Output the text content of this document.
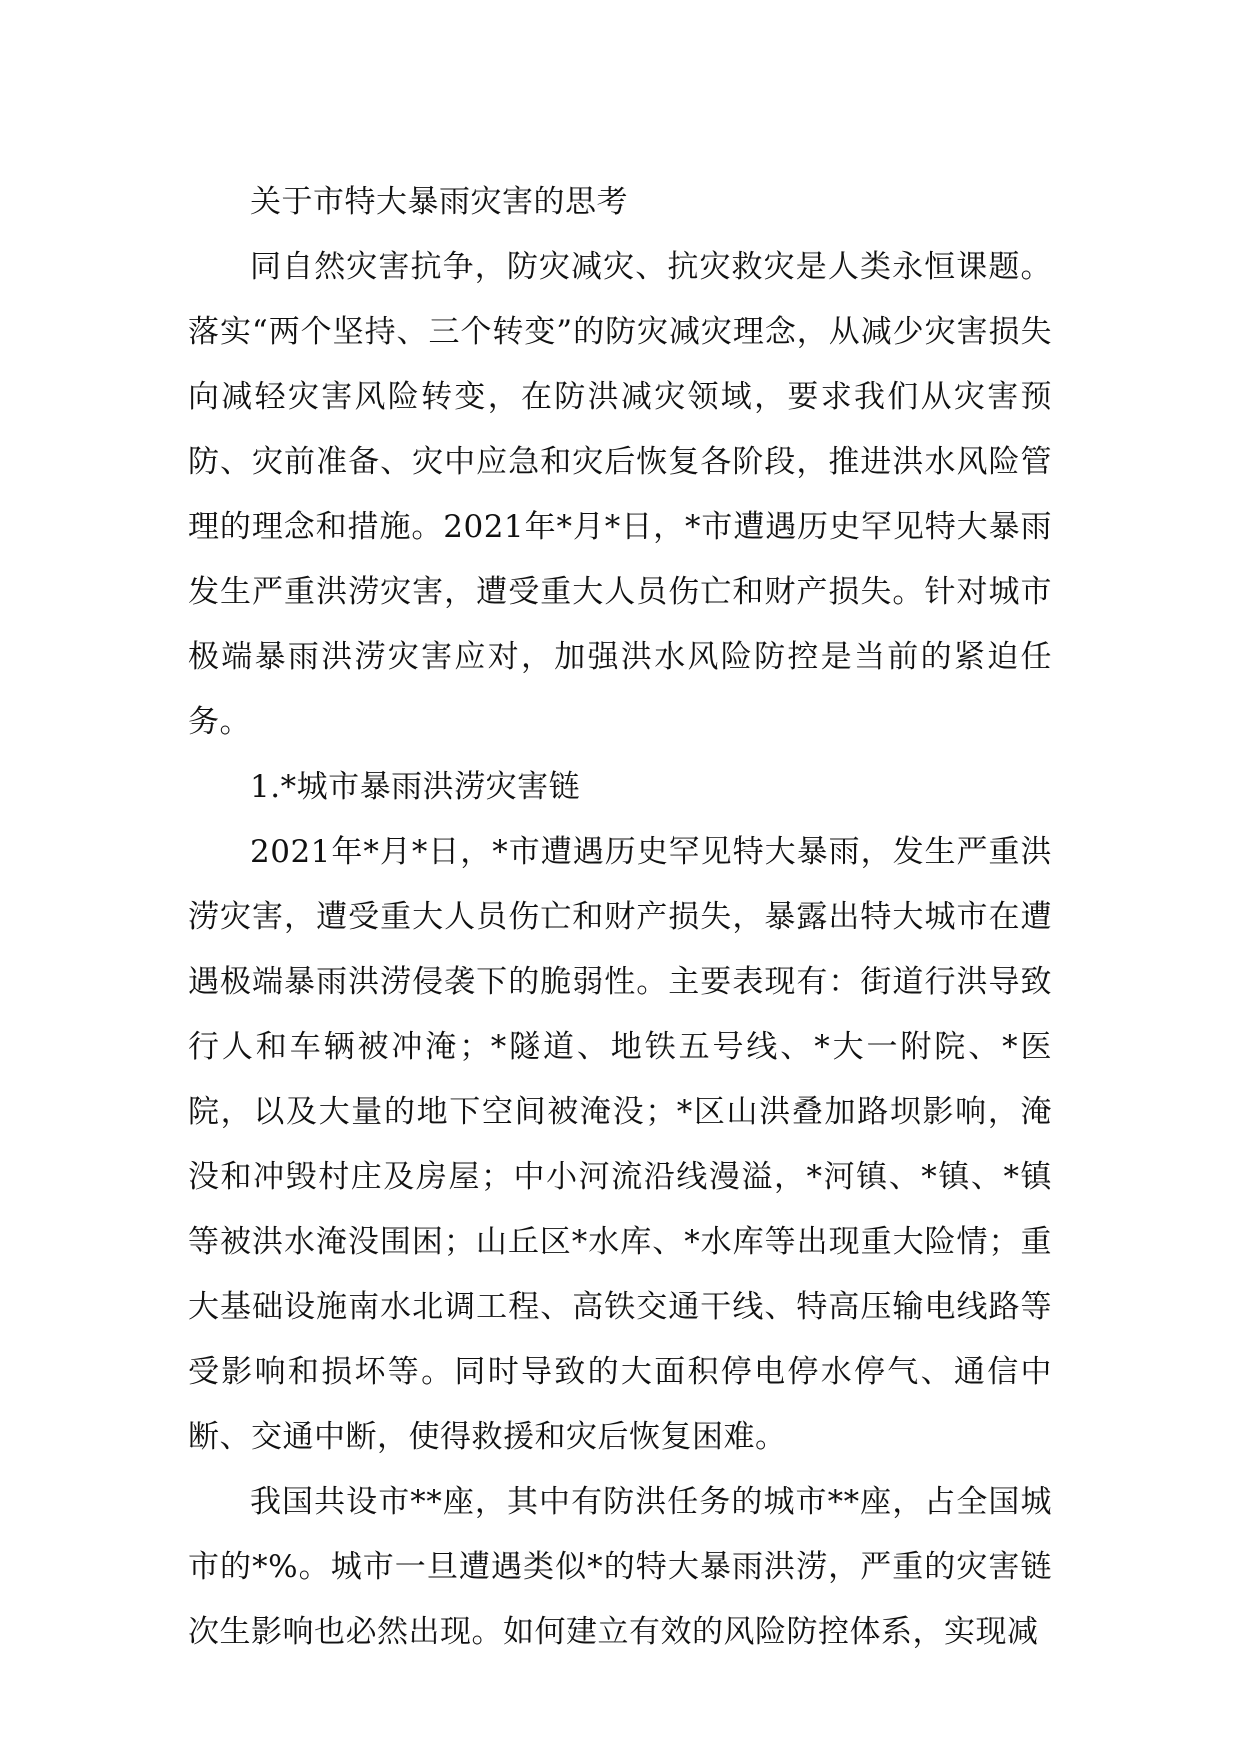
关于市特大暴雨灾害的思考

同自然灾害抗争，防灾减灾、抗灾救灾是人类永恒课题。落实“两个坚持、三个转变”的防灾减灾理念，从减少灾害损失向减轻灾害风险转变，在防洪减灾领域，要求我们从灾害预防、灾前准备、灾中应急和灾后恢复各阶段，推进洪水风险管理的理念和措施。2021年*月*日，*市遭遇历史罕见特大暴雨发生严重洪涝灾害，遭受重大人员伤亡和财产损失。针对城市极端暴雨洪涝灾害应对，加强洪水风险防控是当前的紧迫任务。

1.*城市暴雨洪涝灾害链

2021年*月*日，*市遭遇历史罕见特大暴雨，发生严重洪涝灾害，遭受重大人员伤亡和财产损失，暴露出特大城市在遭遇极端暴雨洪涝侵袭下的脆弱性。主要表现有：街道行洪导致行人和车辆被冲淹；*隧道、地铁五号线、*大一附院、*医院，以及大量的地下空间被淹没；*区山洪叠加路坝影响，淹没和冲毁村庄及房屋；中小河流沿线漫溢，*河镇、*镇、*镇等被洪水淹没围困；山丘区*水库、*水库等出现重大险情；重大基础设施南水北调工程、高铁交通干线、特高压输电线路等受影响和损坏等。同时导致的大面积停电停水停气、通信中断、交通中断，使得救援和灾后恢复困难。

我国共设市**座，其中有防洪任务的城市**座，占全国城市的*%。城市一旦遭遇类似*的特大暴雨洪涝，严重的灾害链次生影响也必然出现。如何建立有效的风险防控体系，实现减
